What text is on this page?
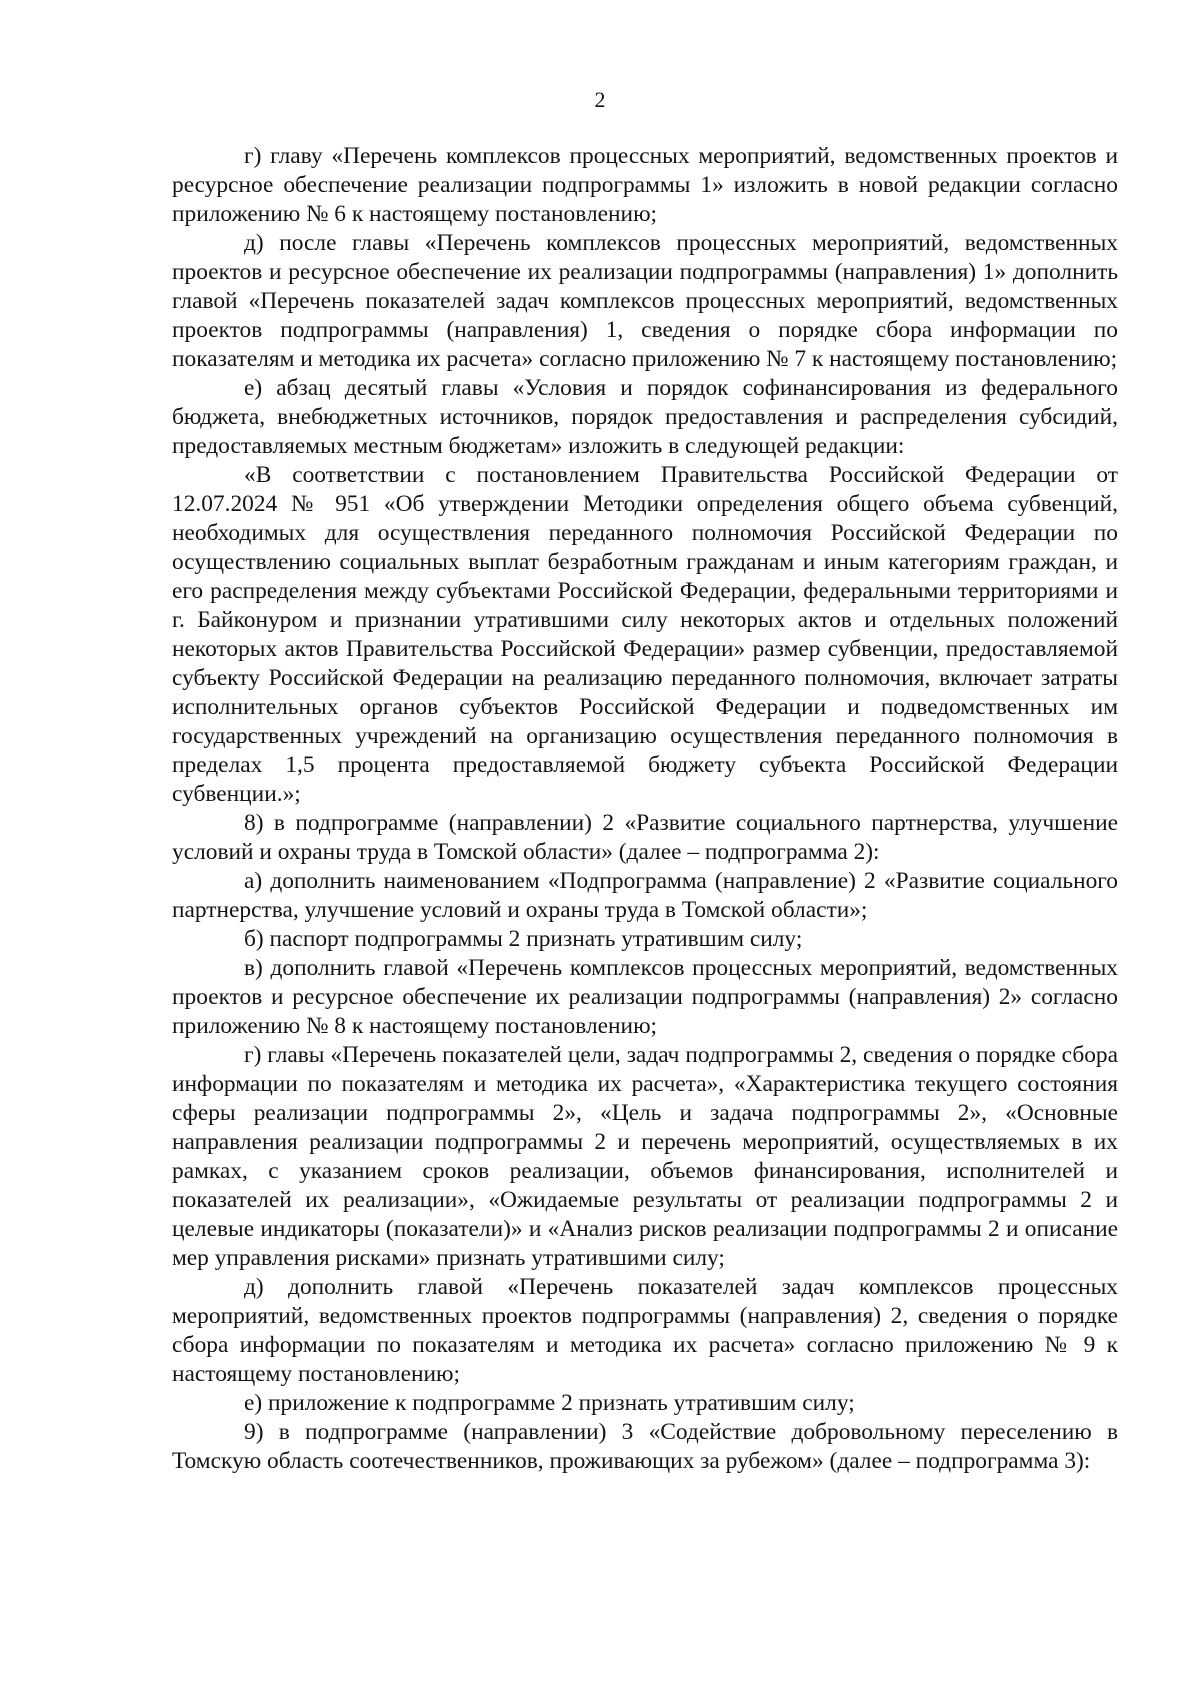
2

г) главу «Перечень комплексов процессных мероприятий, ведомственных проектов и ресурсное обеспечение реализации подпрограммы 1» изложить в новой редакции согласно приложению № 6 к настоящему постановлению;

д) после главы «Перечень комплексов процессных мероприятий, ведомственных проектов и ресурсное обеспечение их реализации подпрограммы (направления) 1» дополнить главой «Перечень показателей задач комплексов процессных мероприятий, ведомственных проектов подпрограммы (направления) 1, сведения о порядке сбора информации по показателям и методика их расчета» согласно приложению № 7 к настоящему постановлению;

е) абзац десятый главы «Условия и порядок софинансирования из федерального бюджета, внебюджетных источников, порядок предоставления и распределения субсидий, предоставляемых местным бюджетам» изложить в следующей редакции:

«В соответствии с постановлением Правительства Российской Федерации от 12.07.2024 № 951 «Об утверждении Методики определения общего объема субвенций, необходимых для осуществления переданного полномочия Российской Федерации по осуществлению социальных выплат безработным гражданам и иным категориям граждан, и его распределения между субъектами Российской Федерации, федеральными территориями и г. Байконуром и признании утратившими силу некоторых актов и отдельных положений некоторых актов Правительства Российской Федерации» размер субвенции, предоставляемой субъекту Российской Федерации на реализацию переданного полномочия, включает затраты исполнительных органов субъектов Российской Федерации и подведомственных им государственных учреждений на организацию осуществления переданного полномочия в пределах 1,5 процента предоставляемой бюджету субъекта Российской Федерации субвенции.»;

8) в подпрограмме (направлении) 2 «Развитие социального партнерства, улучшение условий и охраны труда в Томской области» (далее – подпрограмма 2):

а) дополнить наименованием «Подпрограмма (направление) 2 «Развитие социального партнерства, улучшение условий и охраны труда в Томской области»;

б) паспорт подпрограммы 2 признать утратившим силу;

в) дополнить главой «Перечень комплексов процессных мероприятий, ведомственных проектов и ресурсное обеспечение их реализации подпрограммы (направления) 2» согласно приложению № 8 к настоящему постановлению;

г) главы «Перечень показателей цели, задач подпрограммы 2, сведения о порядке сбора информации по показателям и методика их расчета», «Характеристика текущего состояния сферы реализации подпрограммы 2», «Цель и задача подпрограммы 2», «Основные направления реализации подпрограммы 2 и перечень мероприятий, осуществляемых в их рамках, с указанием сроков реализации, объемов финансирования, исполнителей и показателей их реализации», «Ожидаемые результаты от реализации подпрограммы 2 и целевые индикаторы (показатели)» и «Анализ рисков реализации подпрограммы 2 и описание мер управления рисками» признать утратившими силу;

д) дополнить главой «Перечень показателей задач комплексов процессных мероприятий, ведомственных проектов подпрограммы (направления) 2, сведения о порядке сбора информации по показателям и методика их расчета» согласно приложению № 9 к настоящему постановлению;

е) приложение к подпрограмме 2 признать утратившим силу;

9) в подпрограмме (направлении) 3 «Содействие добровольному переселению в Томскую область соотечественников, проживающих за рубежом» (далее – подпрограмма 3):
